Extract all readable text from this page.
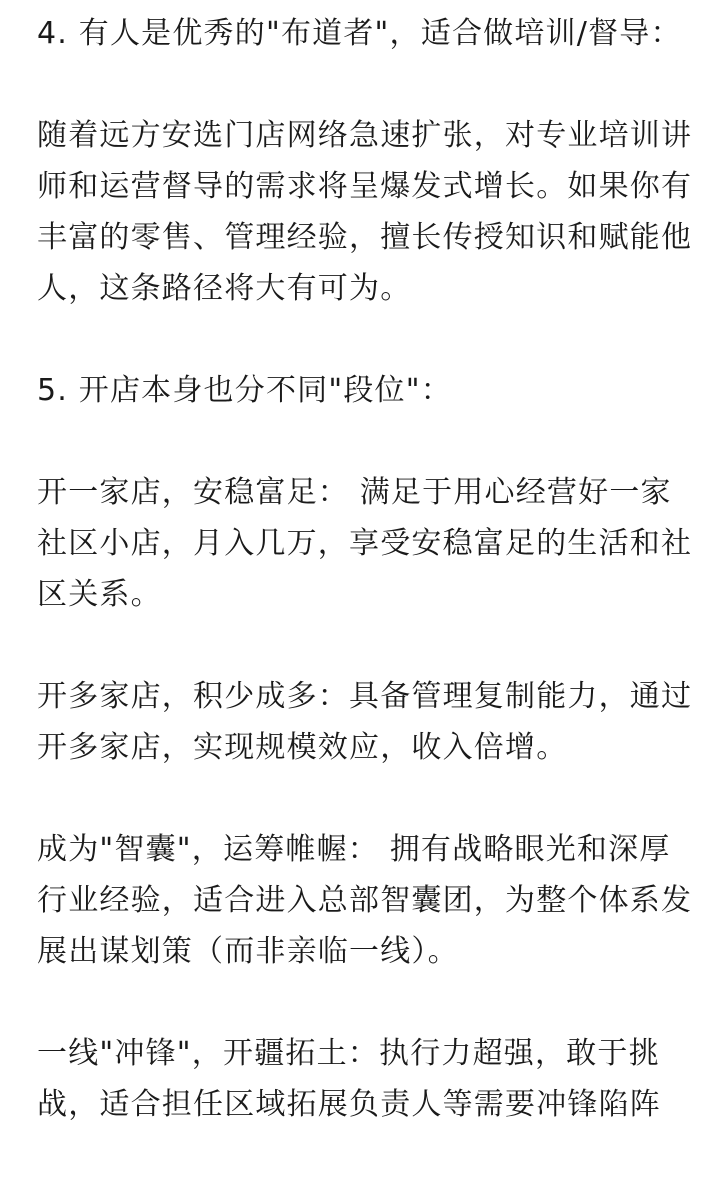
4. 有人是优秀的"布道者"，适合做培训/督导：

随着远方安选门店网络急速扩张，对专业培训讲师和运营督导的需求将呈爆发式增长。如果你有丰富的零售、管理经验，擅长传授知识和赋能他人，这条路径将大有可为。

5. 开店本身也分不同"段位"：

开一家店，安稳富足： 满足于用心经营好一家社区小店，月入几万，享受安稳富足的生活和社区关系。

开多家店，积少成多：具备管理复制能力，通过开多家店，实现规模效应，收入倍增。

成为"智囊"，运筹帷幄： 拥有战略眼光和深厚行业经验，适合进入总部智囊团，为整个体系发展出谋划策（而非亲临一线）。

一线"冲锋"，开疆拓土：执行力超强，敢于挑战，适合担任区域拓展负责人等需要冲锋陷阵
